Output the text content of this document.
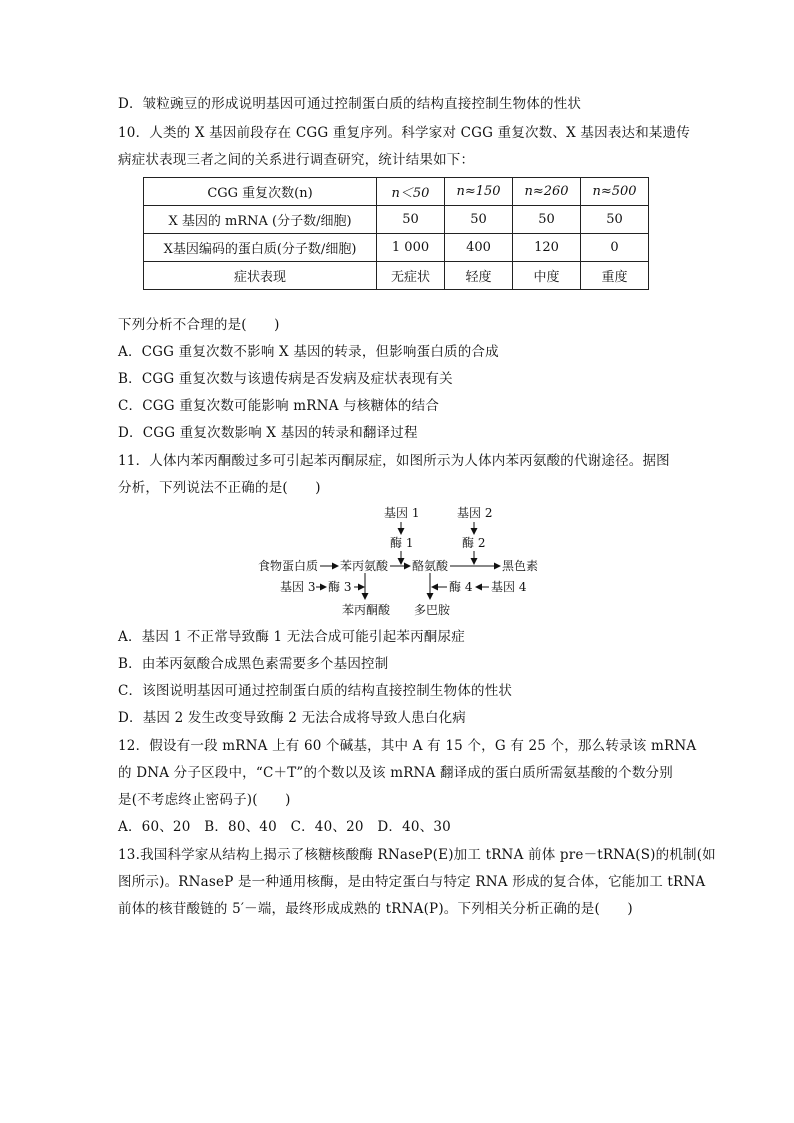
D．皱粒豌豆的形成说明基因可通过控制蛋白质的结构直接控制生物体的性状
10．人类的 X 基因前段存在 CGG 重复序列。科学家对 CGG 重复次数、X 基因表达和某遗传
病症状表现三者之间的关系进行调查研究，统计结果如下：
CGG 重复次数(n)	n＜50	n≈150	n≈260	n≈500
X 基因的 mRNA (分子数/细胞)	50	50	50	50
X基因编码的蛋白质(分子数/细胞)	1 000	400	120	0
症状表现	无症状	轻度	中度	重度
下列分析不合理的是(　　)
A．CGG 重复次数不影响 X 基因的转录，但影响蛋白质的合成
B．CGG 重复次数与该遗传病是否发病及症状表现有关
C．CGG 重复次数可能影响 mRNA 与核糖体的结合
D．CGG 重复次数影响 X 基因的转录和翻译过程
11．人体内苯丙酮酸过多可引起苯丙酮尿症，如图所示为人体内苯丙氨酸的代谢途径。据图
分析，下列说法不正确的是(　　)
基因 1
酶 1
基因 2
酶 2
食物蛋白质 苯丙氨酸 酪氨酸	黑色素
基因 3 酶 3
苯丙酮酸
酶 4 基因 4
多巴胺
A．基因 1 不正常导致酶 1 无法合成可能引起苯丙酮尿症
B．由苯丙氨酸合成黑色素需要多个基因控制
C．该图说明基因可通过控制蛋白质的结构直接控制生物体的性状
D．基因 2 发生改变导致酶 2 无法合成将导致人患白化病
12．假设有一段 mRNA 上有 60 个碱基，其中 A 有 15 个，G 有 25 个，那么转录该 mRNA
的 DNA 分子区段中，“C＋T”的个数以及该 mRNA 翻译成的蛋白质所需氨基酸的个数分别
是(不考虑终止密码子)(　　)
A．60、20　B．80、40　C．40、20　D．40、30
13.我国科学家从结构上揭示了核糖核酸酶 RNaseP(E)加工 tRNA 前体 pre－tRNA(S)的机制(如
图所示)。RNaseP 是一种通用核酶，是由特定蛋白与特定 RNA 形成的复合体，它能加工 tRNA
前体的核苷酸链的 5′－端，最终形成成熟的 tRNA(P)。下列相关分析正确的是(　　)
